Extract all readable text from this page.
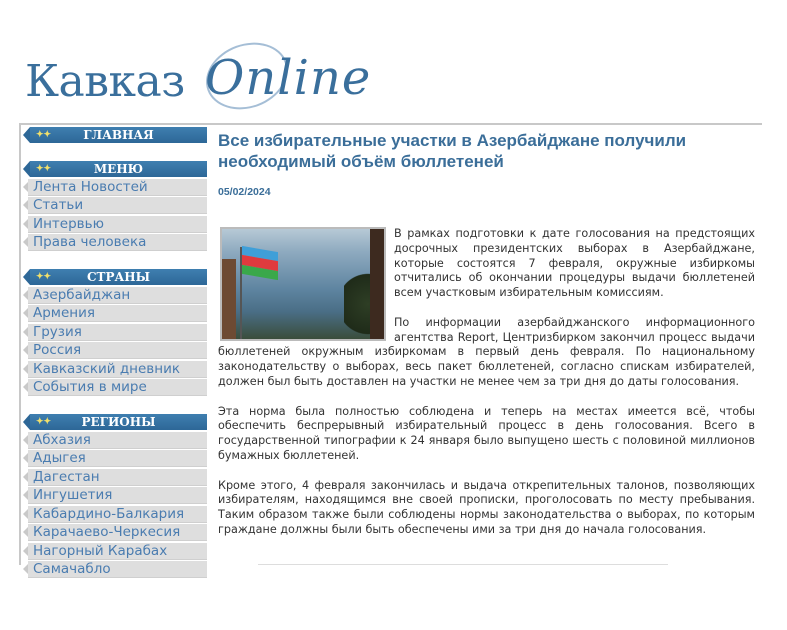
Кавказ Online
✦✦	ГЛАВНАЯ
✦✦	МЕНЮ
Лента Новостей
Статьи
Интервью
Права человека
✦✦	СТРАНЫ
Азербайджан
Армения
Грузия
Россия
Кавказский дневник
События в мире
✦✦	РЕГИОНЫ
Абхазия
Адыгея
Дагестан
Ингушетия
Кабардино-Балкария
Карачаево-Черкесия
Нагорный Карабах
Самачабло
Все избирательные участки в Азербайджане получили необходимый объём бюллетеней
05/02/2024

В рамках подготовки к дате голосования на предстоящих досрочных президентских выборах в Азербайджане, которые состоятся 7 февраля, окружные избиркомы отчитались об окончании процедуры выдачи бюллетеней всем участковым избирательным комиссиям.

По информации азербайджанского информационного агентства Report, Центризбирком закончил процесс выдачи бюллетеней окружным избиркомам в первый день февраля. По национальному законодательству о выборах, весь пакет бюллетеней, согласно спискам избирателей, должен был быть доставлен на участки не менее чем за три дня до даты голосования.

Эта норма была полностью соблюдена и теперь на местах имеется всё, чтобы обеспечить беспрерывный избирательный процесс в день голосования. Всего в государственной типографии к 24 января было выпущено шесть с половиной миллионов бумажных бюллетеней.

Кроме этого, 4 февраля закончилась и выдача открепительных талонов, позволяющих избирателям, находящимся вне своей прописки, проголосовать по месту пребывания. Таким образом также были соблюдены нормы законодательства о выборах, по которым граждане должны были быть обеспечены ими за три дня до начала голосования.
